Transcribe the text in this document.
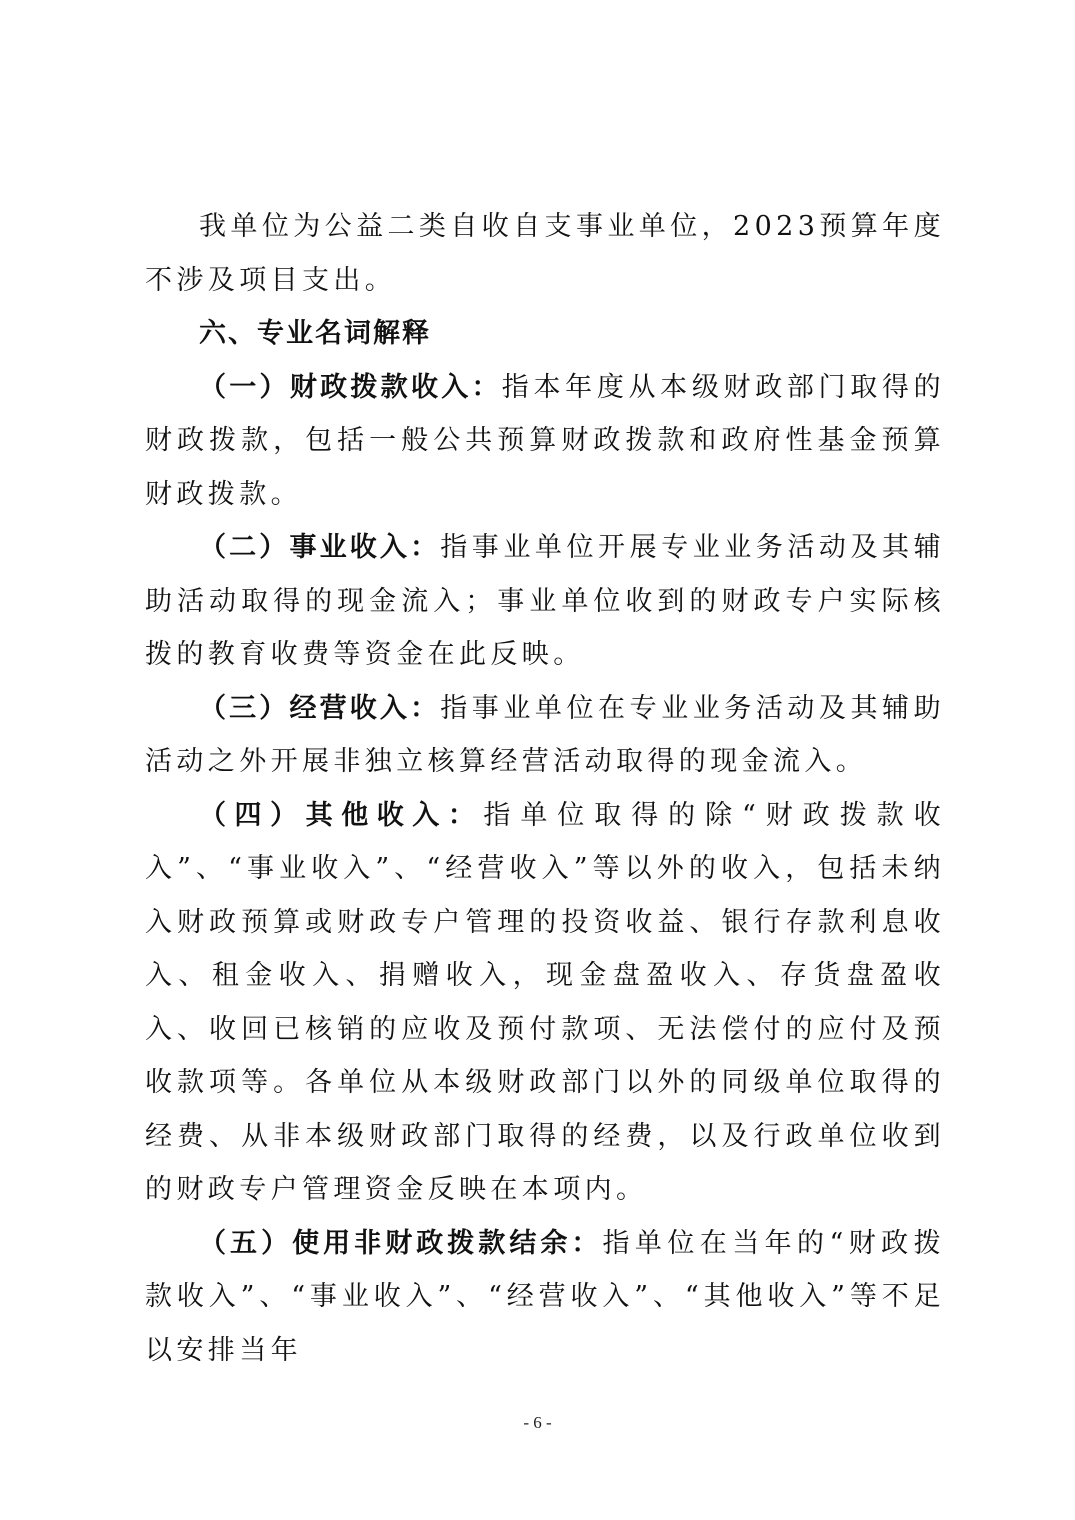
我单位为公益二类自收自支事业单位，2023预算年度不涉及项目支出。

六、专业名词解释

（一）财政拨款收入：指本年度从本级财政部门取得的财政拨款，包括一般公共预算财政拨款和政府性基金预算财政拨款。

（二）事业收入：指事业单位开展专业业务活动及其辅助活动取得的现金流入；事业单位收到的财政专户实际核拨的教育收费等资金在此反映。

（三）经营收入：指事业单位在专业业务活动及其辅助活动之外开展非独立核算经营活动取得的现金流入。

（四）其他收入：指单位取得的除“财政拨款收入”、“事业收入”、“经营收入”等以外的收入，包括未纳入财政预算或财政专户管理的投资收益、银行存款利息收入、租金收入、捐赠收入，现金盘盈收入、存货盘盈收入、收回已核销的应收及预付款项、无法偿付的应付及预收款项等。各单位从本级财政部门以外的同级单位取得的经费、从非本级财政部门取得的经费，以及行政单位收到的财政专户管理资金反映在本项内。

（五）使用非财政拨款结余：指单位在当年的“财政拨款收入”、“事业收入”、“经营收入”、“其他收入”等不足以安排当年

- 6 -
